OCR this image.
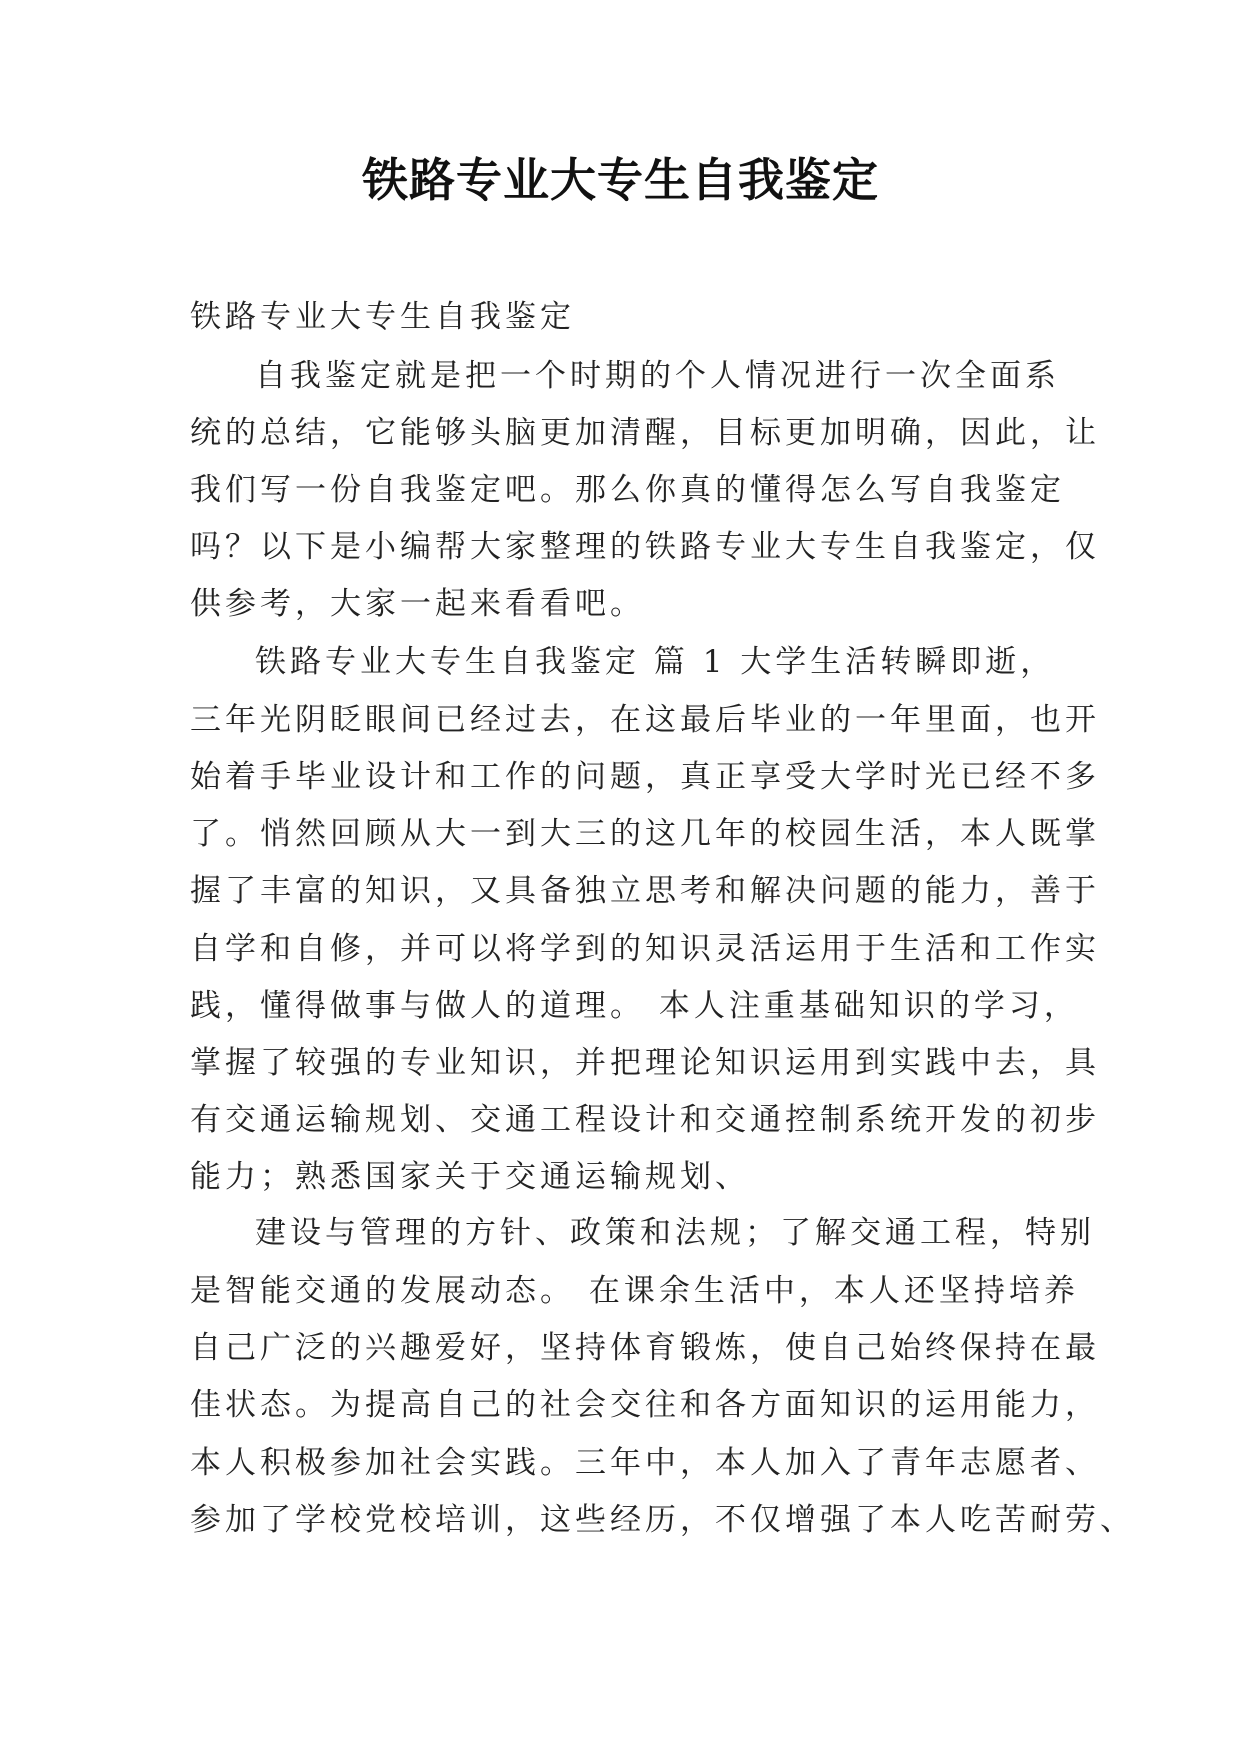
铁路专业大专生自我鉴定
铁路专业大专生自我鉴定
自我鉴定就是把一个时期的个人情况进行一次全面系
统的总结，它能够头脑更加清醒，目标更加明确，因此，让
我们写一份自我鉴定吧。那么你真的懂得怎么写自我鉴定
吗？以下是小编帮大家整理的铁路专业大专生自我鉴定，仅
供参考，大家一起来看看吧。
铁路专业大专生自我鉴定 篇 1 大学生活转瞬即逝，
三年光阴眨眼间已经过去，在这最后毕业的一年里面，也开
始着手毕业设计和工作的问题，真正享受大学时光已经不多
了。悄然回顾从大一到大三的这几年的校园生活，本人既掌
握了丰富的知识，又具备独立思考和解决问题的能力，善于
自学和自修，并可以将学到的知识灵活运用于生活和工作实
践，懂得做事与做人的道理。 本人注重基础知识的学习，
掌握了较强的专业知识，并把理论知识运用到实践中去，具
有交通运输规划、交通工程设计和交通控制系统开发的初步
能力；熟悉国家关于交通运输规划、
建设与管理的方针、政策和法规；了解交通工程，特别
是智能交通的发展动态。 在课余生活中，本人还坚持培养
自己广泛的兴趣爱好，坚持体育锻炼，使自己始终保持在最
佳状态。为提高自己的社会交往和各方面知识的运用能力，
本人积极参加社会实践。三年中，本人加入了青年志愿者、
参加了学校党校培训，这些经历，不仅增强了本人吃苦耐劳、
